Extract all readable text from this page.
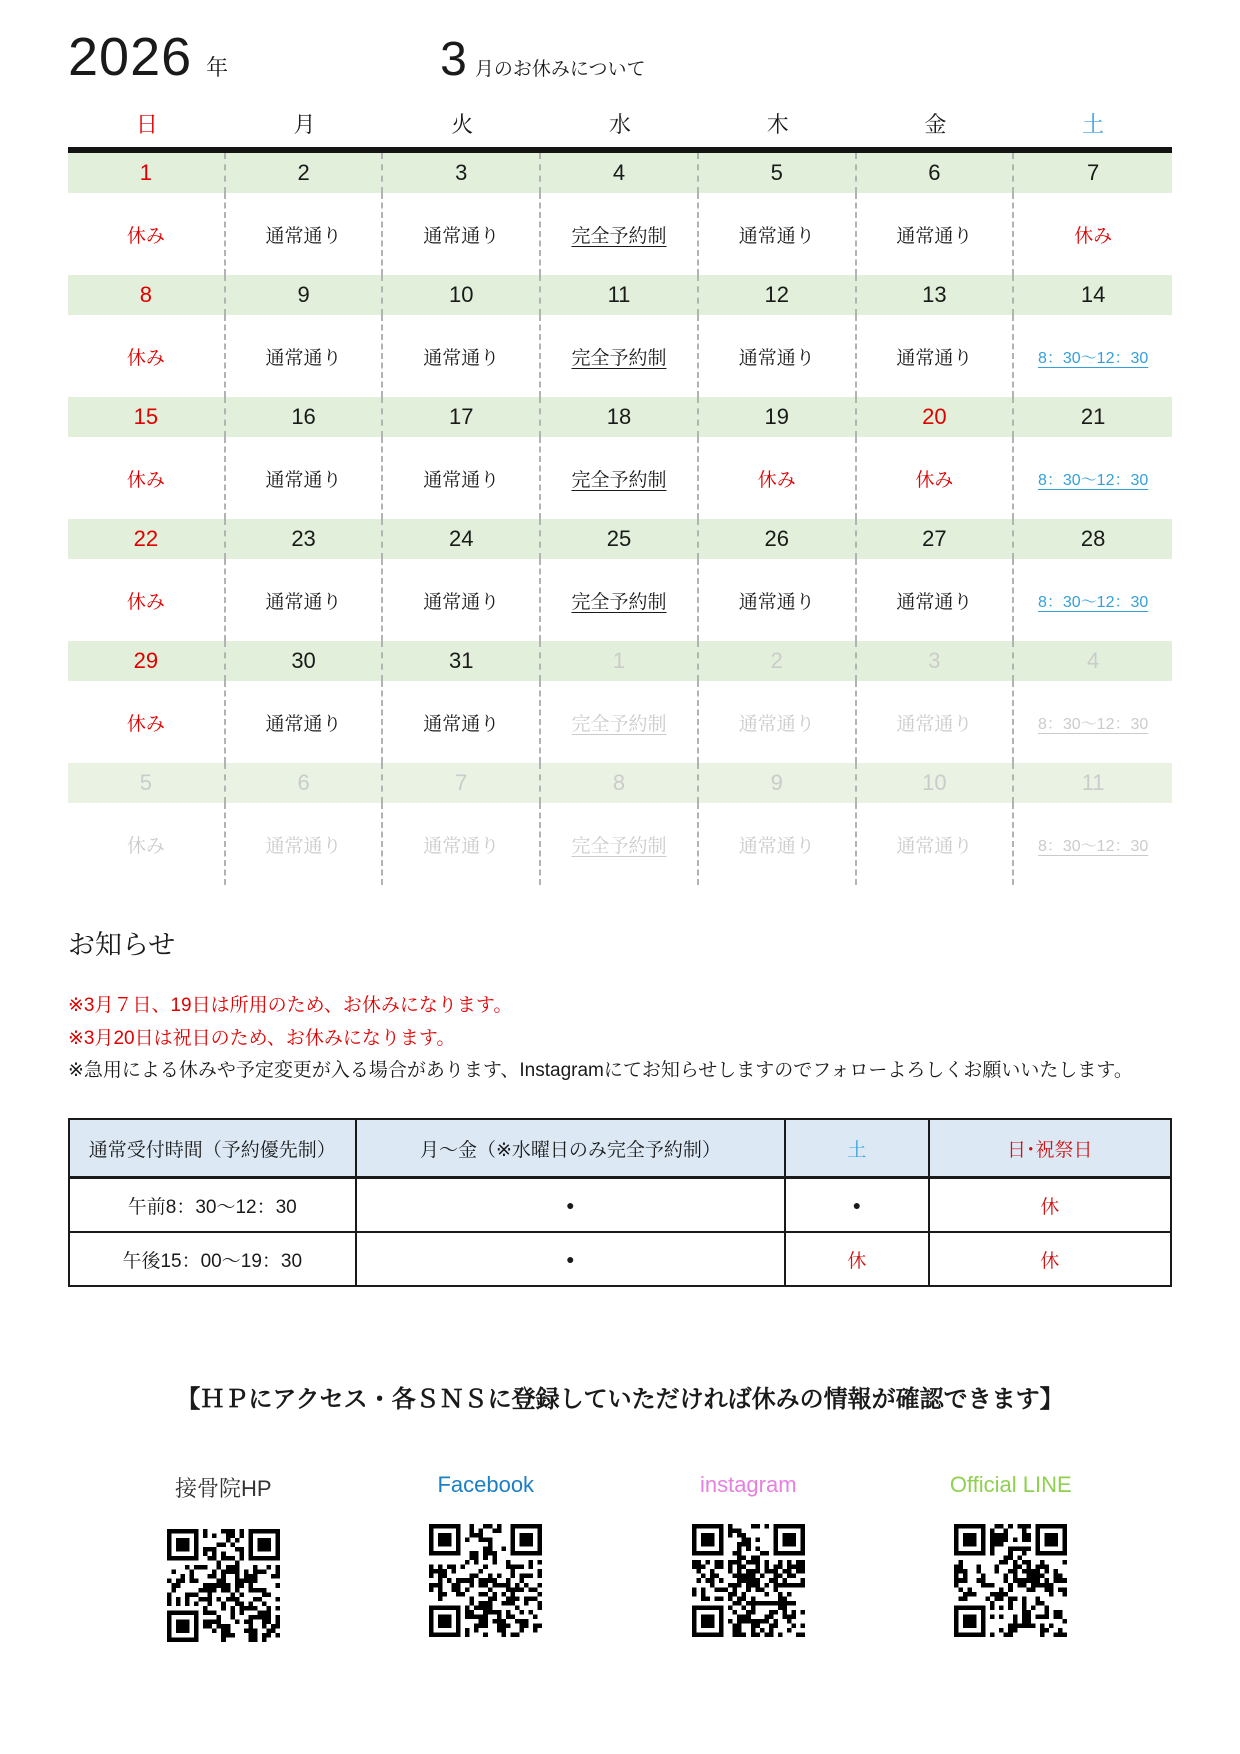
2026 年	3 月のお休みについて
日	月	火	水	木	金	土
1	2	3	4	5	6	7
休み	通常通り	通常通り	完全予約制	通常通り	通常通り	休み
8	9	10	11	12	13	14
休み	通常通り	通常通り	完全予約制	通常通り	通常通り	8：30～12：30
15	16	17	18	19	20	21
休み	通常通り	通常通り	完全予約制	休み	休み	8：30～12：30
22	23	24	25	26	27	28
休み	通常通り	通常通り	完全予約制	通常通り	通常通り	8：30～12：30
29	30	31	1	2	3	4
休み	通常通り	通常通り	完全予約制	通常通り	通常通り	8：30～12：30
5	6	7	8	9	10	11
休み	通常通り	通常通り	完全予約制	通常通り	通常通り	8：30～12：30
お知らせ
※3月７日、19日は所用のため、お休みになります。
※3月20日は祝日のため、お休みになります。
※急用による休みや予定変更が入る場合があります、Instagramにてお知らせしますのでフォローよろしくお願いいたします。
通常受付時間（予約優先制）	月～金（※水曜日のみ完全予約制）	土	日･祝祭日
午前8：30～12：30	●	●	休
午後15：00～19：30	●	休	休
【ＨＰにアクセス・各ＳＮＳに登録していただければ休みの情報が確認できます】
接骨院HP	Facebook	instagram	Official LINE
